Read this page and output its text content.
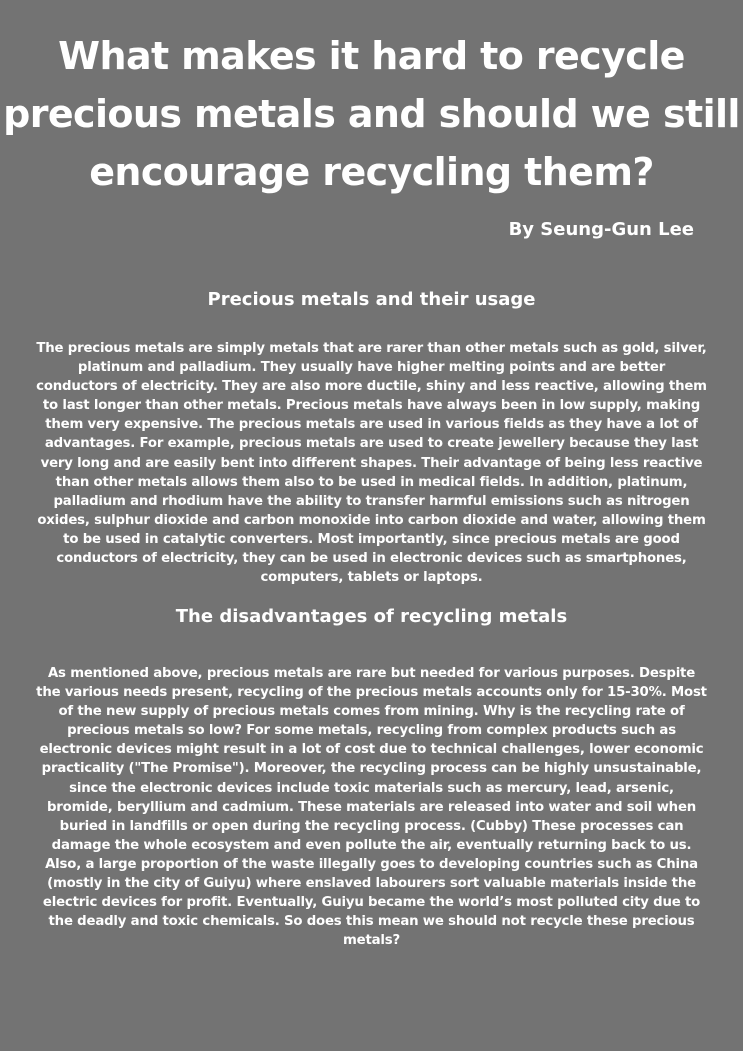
What makes it hard to recycle precious metals and should we still encourage recycling them?

By Seung-Gun Lee

Precious metals and their usage

The precious metals are simply metals that are rarer than other metals such as gold, silver, platinum and palladium. They usually have higher melting points and are better conductors of electricity. They are also more ductile, shiny and less reactive, allowing them to last longer than other metals. Precious metals have always been in low supply, making them very expensive. The precious metals are used in various fields as they have a lot of advantages. For example, precious metals are used to create jewellery because they last very long and are easily bent into different shapes. Their advantage of being less reactive than other metals allows them also to be used in medical fields. In addition, platinum, palladium and rhodium have the ability to transfer harmful emissions such as nitrogen oxides, sulphur dioxide and carbon monoxide into carbon dioxide and water, allowing them to be used in catalytic converters. Most importantly, since precious metals are good conductors of electricity, they can be used in electronic devices such as smartphones, computers, tablets or laptops.

The disadvantages of recycling metals

As mentioned above, precious metals are rare but needed for various purposes. Despite the various needs present, recycling of the precious metals accounts only for 15-30%. Most of the new supply of precious metals comes from mining. Why is the recycling rate of precious metals so low? For some metals, recycling from complex products such as electronic devices might result in a lot of cost due to technical challenges, lower economic practicality ("The Promise"). Moreover, the recycling process can be highly unsustainable, since the electronic devices include toxic materials such as mercury, lead, arsenic, bromide, beryllium and cadmium. These materials are released into water and soil when buried in landfills or open during the recycling process. (Cubby) These processes can damage the whole ecosystem and even pollute the air, eventually returning back to us. Also, a large proportion of the waste illegally goes to developing countries such as China (mostly in the city of Guiyu) where enslaved labourers sort valuable materials inside the electric devices for profit. Eventually, Guiyu became the world’s most polluted city due to the deadly and toxic chemicals. So does this mean we should not recycle these precious metals?
